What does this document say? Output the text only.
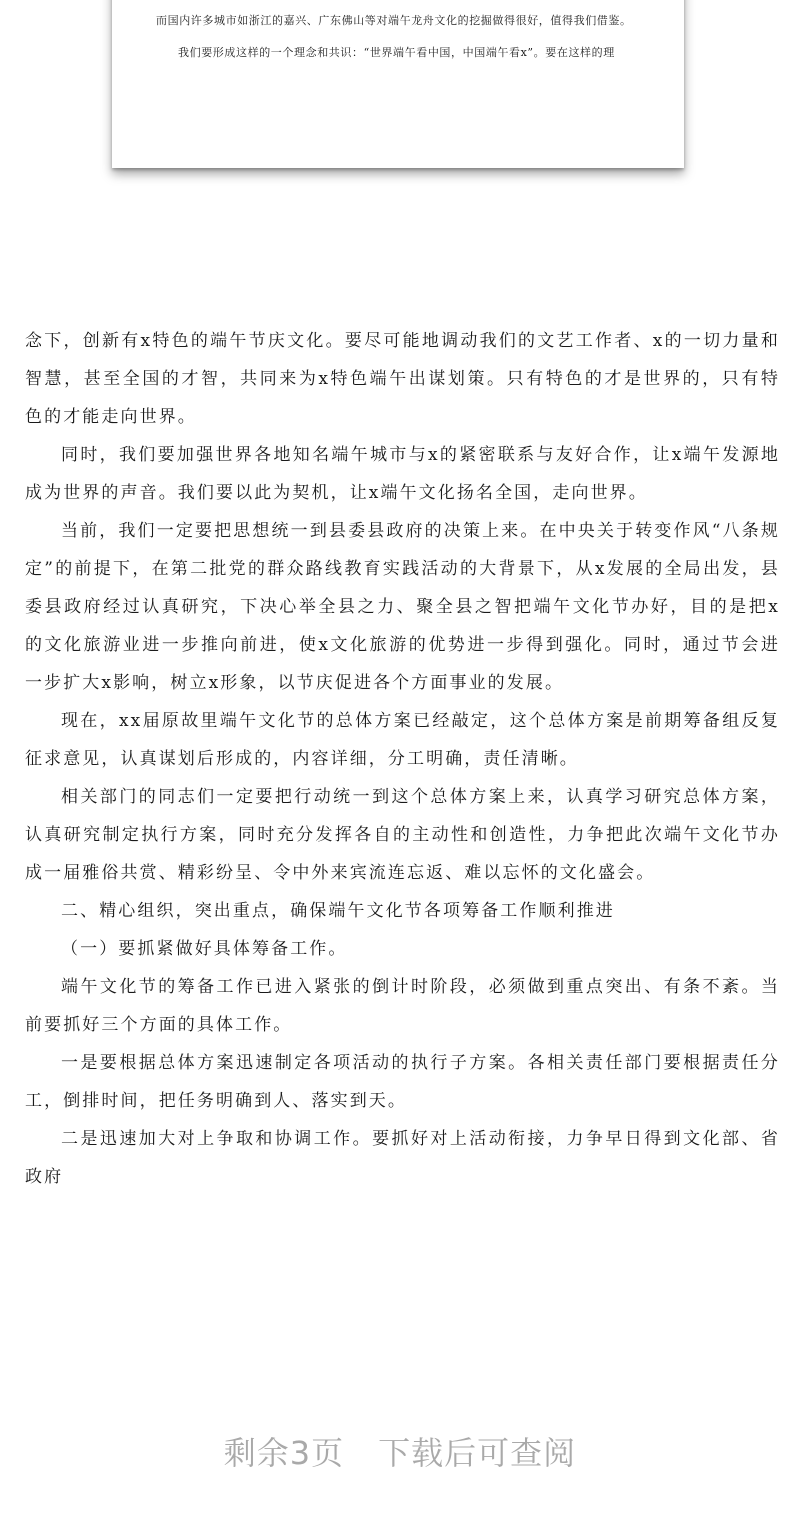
而国内许多城市如浙江的嘉兴、广东佛山等对端午龙舟文化的挖掘做得很好，值得我们借鉴。
我们要形成这样的一个理念和共识：“世界端午看中国，中国端午看x”。要在这样的理

念下，创新有x特色的端午节庆文化。要尽可能地调动我们的文艺工作者、x的一切力量和智慧，甚至全国的才智，共同来为x特色端午出谋划策。只有特色的才是世界的，只有特色的才能走向世界。

同时，我们要加强世界各地知名端午城市与x的紧密联系与友好合作，让x端午发源地成为世界的声音。我们要以此为契机，让x端午文化扬名全国，走向世界。

当前，我们一定要把思想统一到县委县政府的决策上来。在中央关于转变作风“八条规定”的前提下，在第二批党的群众路线教育实践活动的大背景下，从x发展的全局出发，县委县政府经过认真研究，下决心举全县之力、聚全县之智把端午文化节办好，目的是把x的文化旅游业进一步推向前进，使x文化旅游的优势进一步得到强化。同时，通过节会进一步扩大x影响，树立x形象，以节庆促进各个方面事业的发展。

现在，xx届原故里端午文化节的总体方案已经敲定，这个总体方案是前期筹备组反复征求意见，认真谋划后形成的，内容详细，分工明确，责任清晰。

相关部门的同志们一定要把行动统一到这个总体方案上来，认真学习研究总体方案，认真研究制定执行方案，同时充分发挥各自的主动性和创造性，力争把此次端午文化节办成一届雅俗共赏、精彩纷呈、令中外来宾流连忘返、难以忘怀的文化盛会。

二、精心组织，突出重点，确保端午文化节各项筹备工作顺利推进

（一）要抓紧做好具体筹备工作。

端午文化节的筹备工作已进入紧张的倒计时阶段，必须做到重点突出、有条不紊。当前要抓好三个方面的具体工作。

一是要根据总体方案迅速制定各项活动的执行子方案。各相关责任部门要根据责任分工，倒排时间，把任务明确到人、落实到天。

二是迅速加大对上争取和协调工作。要抓好对上活动衔接，力争早日得到文化部、省政府

剩余3页 下载后可查阅
